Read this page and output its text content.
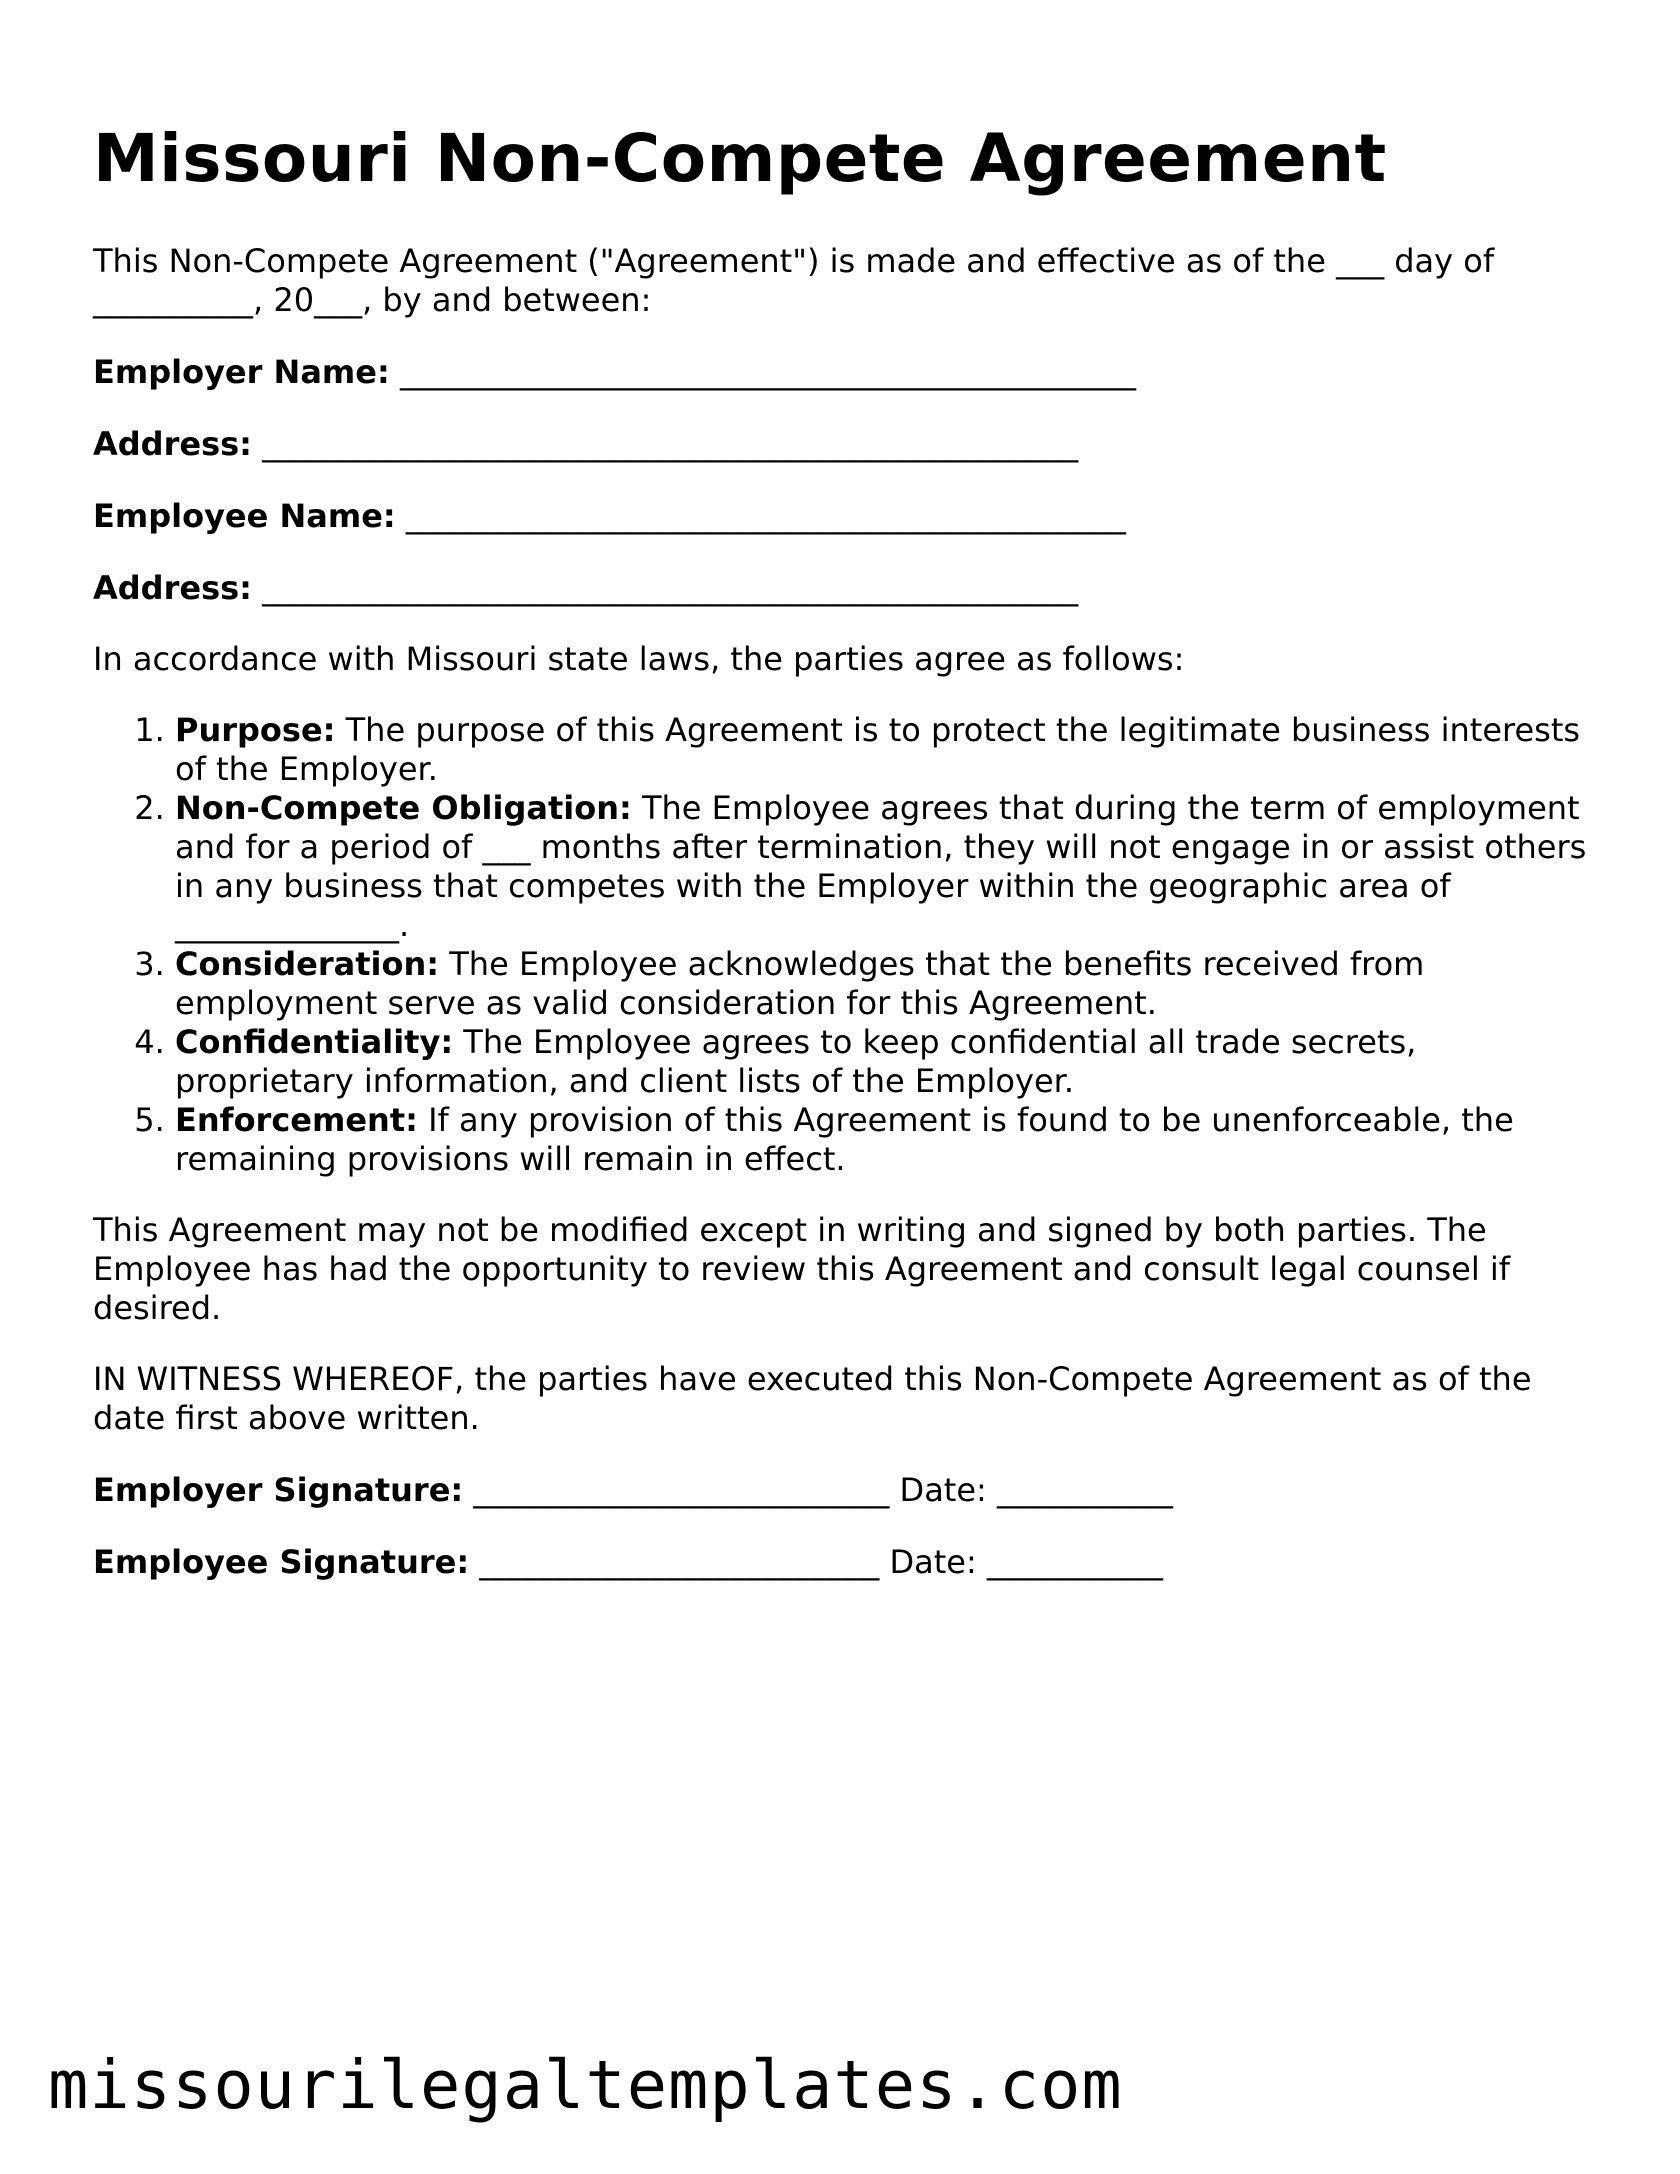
Missouri Non-Compete Agreement

This Non-Compete Agreement ("Agreement") is made and effective as of the ___ day of __________, 20___, by and between:

Employer Name: ______________________________________________
Address: ___________________________________________________
Employee Name: _____________________________________________
Address: ___________________________________________________

In accordance with Missouri state laws, the parties agree as follows:

1. Purpose: The purpose of this Agreement is to protect the legitimate business interests of the Employer.
2. Non-Compete Obligation: The Employee agrees that during the term of employment and for a period of ___ months after termination, they will not engage in or assist others in any business that competes with the Employer within the geographic area of ______________.
3. Consideration: The Employee acknowledges that the benefits received from employment serve as valid consideration for this Agreement.
4. Confidentiality: The Employee agrees to keep confidential all trade secrets, proprietary information, and client lists of the Employer.
5. Enforcement: If any provision of this Agreement is found to be unenforceable, the remaining provisions will remain in effect.

This Agreement may not be modified except in writing and signed by both parties. The Employee has had the opportunity to review this Agreement and consult legal counsel if desired.

IN WITNESS WHEREOF, the parties have executed this Non-Compete Agreement as of the date first above written.

Employer Signature: __________________________ Date: ___________
Employee Signature: _________________________ Date: ___________
missourilegaltemplates.com
